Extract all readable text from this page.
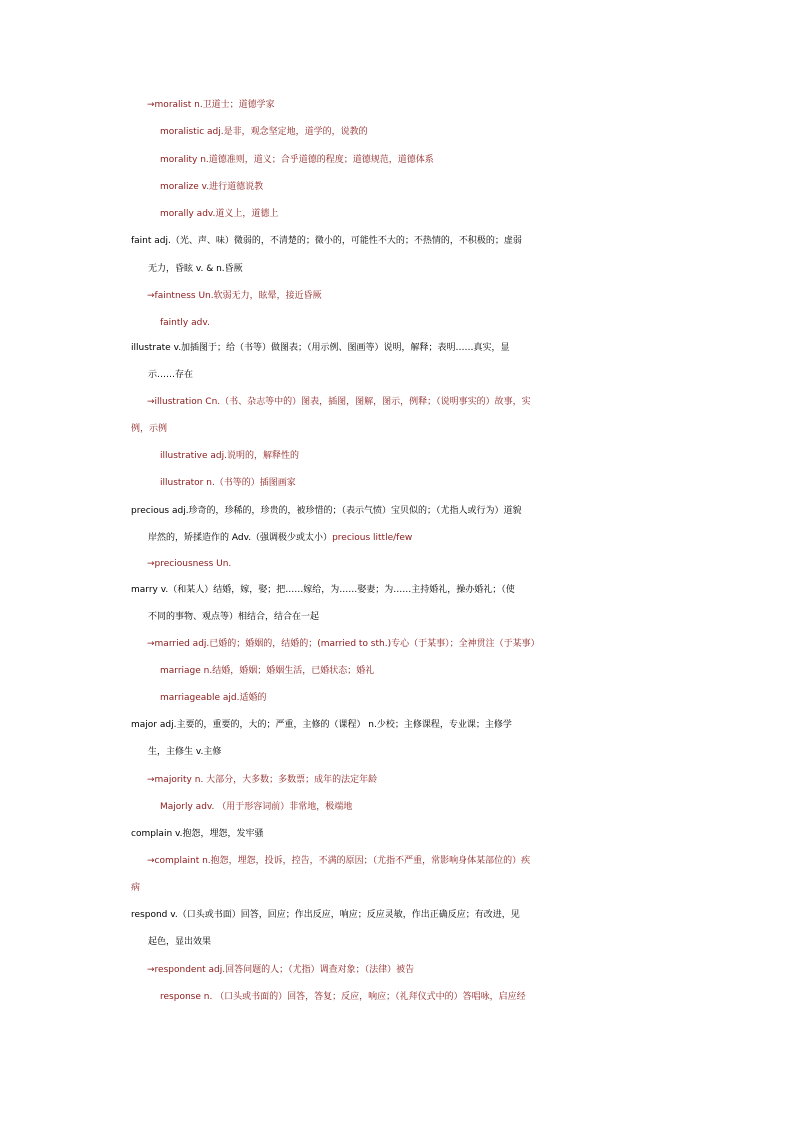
→moralist n.卫道士；道德学家
moralistic adj.是非，观念坚定地，道学的，说教的
morality n.道德准则，道义；合乎道德的程度；道德规范，道德体系
moralize v.进行道德说教
morally adv.道义上，道德上
faint adj.（光、声、味）微弱的，不清楚的；微小的，可能性不大的；不热情的，不积极的；虚弱
无力，昏眩 v. & n.昏厥
→faintness Un.软弱无力，眩晕，接近昏厥
faintly adv.
illustrate v.加插图于；给（书等）做图表；（用示例、图画等）说明，解释；表明……真实，显
示……存在
→illustration Cn.（书、杂志等中的）图表，插图，图解，图示，例释；（说明事实的）故事，实
例，示例
illustrative adj.说明的，解释性的
illustrator n.（书等的）插图画家
precious adj.珍奇的，珍稀的，珍贵的，被珍惜的；（表示气愤）宝贝似的；（尤指人或行为）道貌
岸然的，矫揉造作的 Adv.（强调极少或太小）precious little/few
→preciousness Un.
marry v.（和某人）结婚，嫁，娶；把……嫁给，为……娶妻；为……主持婚礼，操办婚礼；（使
不同的事物、观点等）相结合，结合在一起
→married adj.已婚的；婚姻的，结婚的；(married to sth.)专心（于某事）；全神贯注（于某事）
marriage n.结婚，婚姻；婚姻生活，已婚状态；婚礼
marriageable ajd.适婚的
major adj.主要的，重要的，大的；严重，主修的（课程） n.少校；主修课程，专业课；主修学
生，主修生 v.主修
→majority n. 大部分，大多数；多数票；成年的法定年龄
Majorly adv. （用于形容词前）非常地，极端地
complain v.抱怨，埋怨，发牢骚
→complaint n.抱怨，埋怨，投诉，控告，不满的原因；（尤指不严重，常影响身体某部位的）疾
病
respond v.（口头或书面）回答，回应；作出反应，响应；反应灵敏，作出正确反应；有改进，见
起色，显出效果
→respondent adj.回答问题的人；（尤指）调查对象；（法律）被告
response n. （口头或书面的）回答，答复；反应，响应；（礼拜仪式中的）答唱咏，启应经
